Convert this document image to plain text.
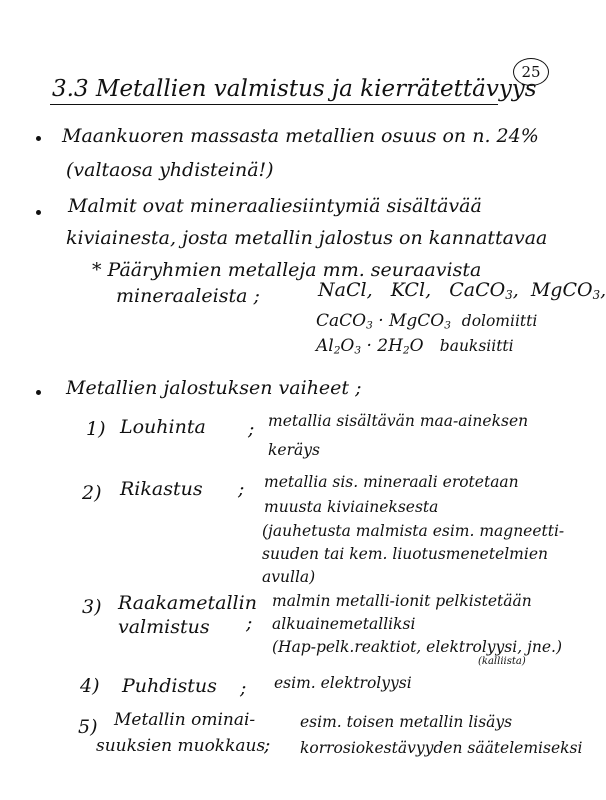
25
3.3 Metallien valmistus ja kierrätettävyys
Maankuoren massasta metallien osuus on n. 24%
(valtaosa yhdisteinä!)
Malmit ovat mineraaliesiintymiä sisältävää
kiviainesta, josta metallin jalostus on kannattavaa
* Pääryhmien metalleja mm. seuraavista
mineraaleista ;	NaCl,   KCl,   CaCO$_3$,  MgCO$_3$,
CaCO$_3$ · MgCO$_3$ dolomiitti
$Al_2O_3 \cdot 2H_2O$ bauksiitti
Metallien jalostuksen vaiheet ;
1) Louhinta ; metallia sisältävän maa-aineksen
keräys
2) Rikastus ; metallia sis. mineraali erotetaan
muusta kiviaineksesta
(jauhetusta malmista esim. magneetti-
suuden tai kem. liuotusmenetelmien
avulla)
3) Raakametallin
valmistus ;
malmin metalli-ionit pelkistetään
alkuainemetalliksi
(Hap-pelk.reaktiot, elektrolyysi, jne.)
(kalliista)
4) Puhdistus ; esim. elektrolyysi
5) Metallin ominai-
suuksien muokkaus
;
esim. toisen metallin lisäys
korrosiokestävyyden säätelemiseksi
